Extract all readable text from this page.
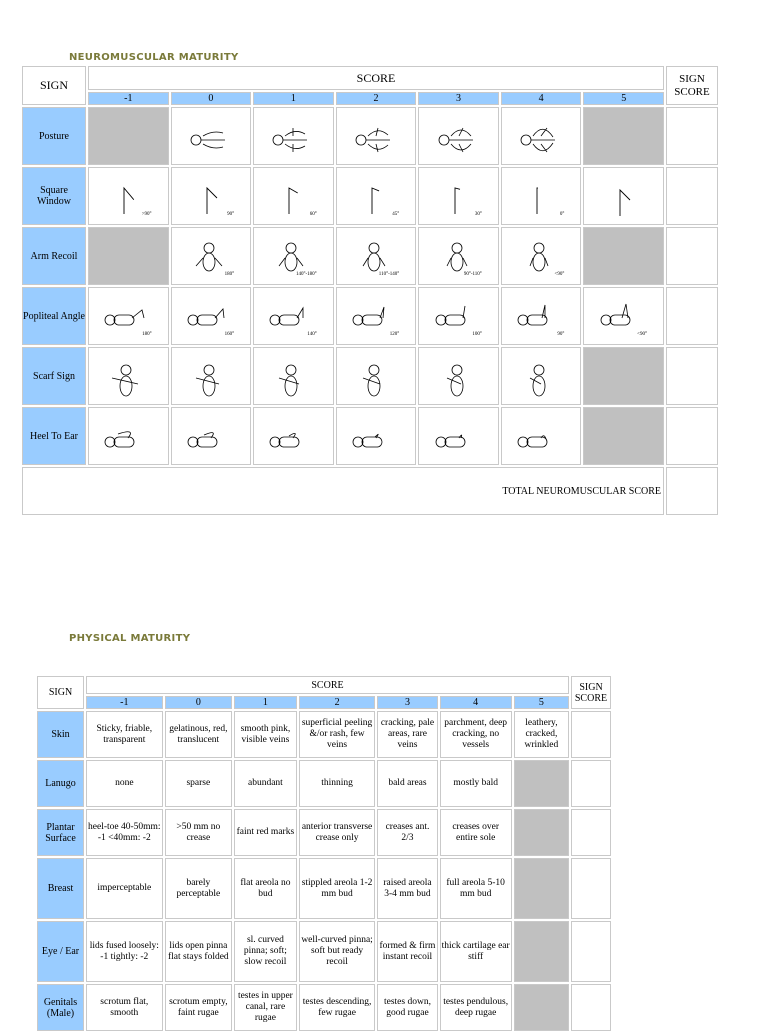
NEUROMUSCULAR MATURITY
SIGN	SCORE							SIGN SCORE
	-1	0	1	2	3	4	5	
Posture		

Square Window	>90°	90°	60°	45°	30°	0°

Arm Recoil		180°	140°-180°	110°-140°	90°-110°	<90°		

Popliteal Angle	180°	160°	140°	120°	100°	90°	<90°	

Scarf Sign	

Heel To Ear	

TOTAL NEUROMUSCULAR SCORE								
PHYSICAL MATURITY
SIGN	SCORE							SIGN SCORE
	-1	0	1	2	3	4	5	
Skin	Sticky, friable, transparent	gelatinous, red, translucent	smooth pink, visible veins	superficial peeling &/or rash, few veins	cracking, pale areas, rare veins	parchment, deep cracking, no vessels	leathery, cracked, wrinkled	
Lanugo	none	sparse	abundant	thinning	bald areas	mostly bald		
Plantar Surface	heel-toe 40-50mm: -1 <40mm: -2	>50 mm no crease	faint red marks	anterior transverse crease only	creases ant. 2/3	creases over entire sole		
Breast	imperceptable	barely perceptable	flat areola no bud	stippled areola 1-2 mm bud	raised areola 3-4 mm bud	full areola 5-10 mm bud		
Eye / Ear	lids fused loosely: -1 tightly: -2	lids open pinna flat stays folded	sl. curved pinna; soft; slow recoil	well-curved pinna; soft but ready recoil	formed & firm instant recoil	thick cartilage ear stiff		
Genitals (Male)	scrotum flat, smooth	scrotum empty, faint rugae	testes in upper canal, rare rugae	testes descending, few rugae	testes down, good rugae	testes pendulous, deep rugae		
